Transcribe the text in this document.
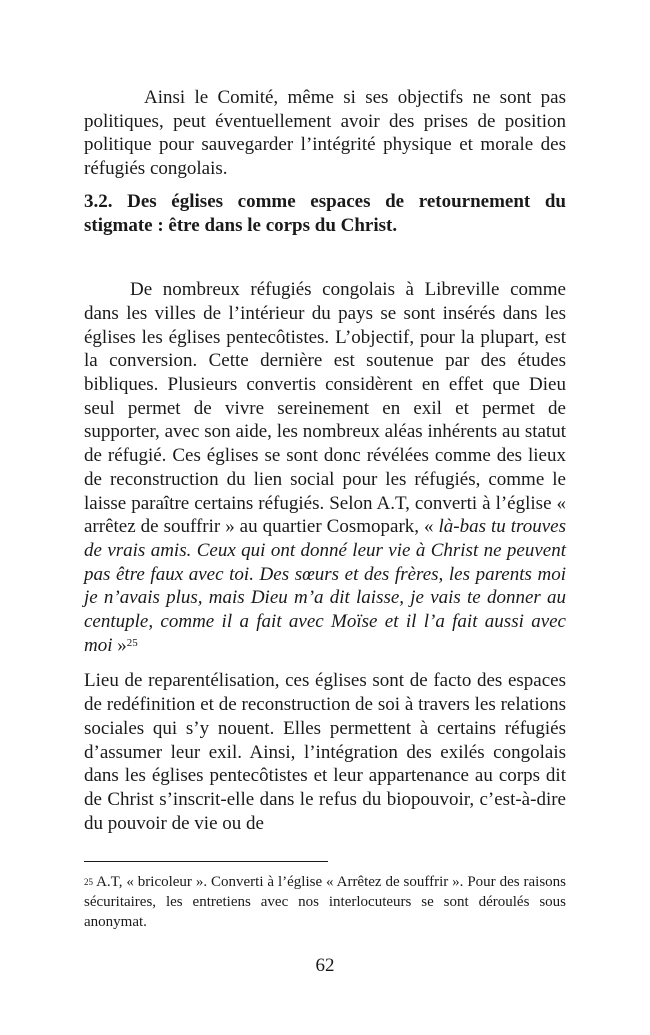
Ainsi le Comité, même si ses objectifs ne sont pas politiques, peut éventuellement avoir des prises de position politique pour sauvegarder l’intégrité physique et morale des réfugiés congolais.

3.2. Des églises comme espaces de retournement du stigmate : être dans le corps du Christ.

De nombreux réfugiés congolais à Libreville comme dans les villes de l’intérieur du pays se sont insérés dans les églises les églises pentecôtistes. L’objectif, pour la plupart, est la conversion. Cette dernière est soutenue par des études bibliques. Plusieurs convertis considèrent en effet que Dieu seul permet de vivre sereinement en exil et permet de supporter, avec son aide, les nombreux aléas inhérents au statut de réfugié. Ces églises se sont donc révélées comme des lieux de reconstruction du lien social pour les réfugiés, comme le laisse paraître certains réfugiés. Selon A.T, converti à l’église « arrêtez de souffrir » au quartier Cosmopark, « là-bas tu trouves de vrais amis. Ceux qui ont donné leur vie à Christ ne peuvent pas être faux avec toi. Des sœurs et des frères, les parents moi je n’avais plus, mais Dieu m’a dit laisse, je vais te donner au centuple, comme il a fait avec Moïse et il l’a fait aussi avec moi »$^{25}$

Lieu de reparentélisation, ces églises sont de facto des espaces de redéfinition et de reconstruction de soi à travers les relations sociales qui s’y nouent. Elles permettent à certains réfugiés d’assumer leur exil. Ainsi, l’intégration des exilés congolais dans les églises pentecôtistes et leur appartenance au corps dit de Christ s’inscrit-elle dans le refus du biopouvoir, c’est-à-dire du pouvoir de vie ou de

$^{25}$ A.T, « bricoleur ». Converti à l’église « Arrêtez de souffrir ». Pour des raisons sécuritaires, les entretiens avec nos interlocuteurs se sont déroulés sous anonymat.
62
